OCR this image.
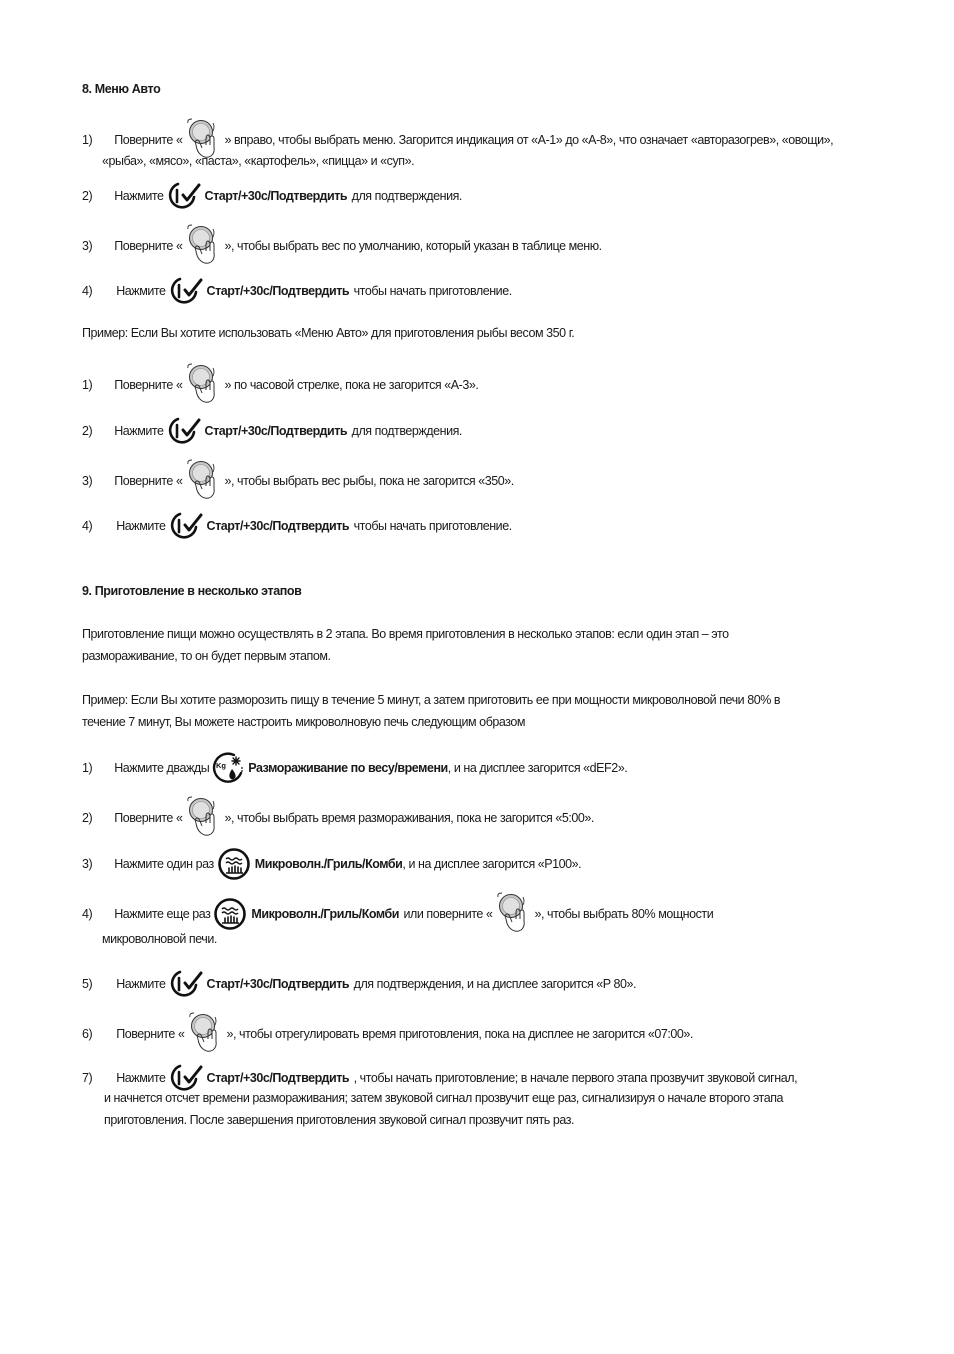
8. Меню Авто
1) Поверните «	» вправо, чтобы выбрать меню. Загорится индикация от «А-1» до «А-8», что означает «авторазогрев», «овощи»,
«рыба», «мясо», «паста», «картофель», «пицца» и «суп».
2) Нажмите	Старт/+30с/Подтвердить
для подтверждения.
3) Поверните «	», чтобы выбрать вес по умолчанию, который указан в таблице меню.
4) Нажмите	Старт/+30с/Подтвердить
чтобы начать приготовление.
Пример: Если Вы хотите использовать «Меню Авто» для приготовления рыбы весом 350 г.
1) Поверните «	» по часовой стрелке, пока не загорится «А-3».
2) Нажмите	Старт/+30с/Подтвердить
для подтверждения.
3) Поверните «	», чтобы выбрать вес рыбы, пока не загорится «350».
4) Нажмите	Старт/+30с/Подтвердить
чтобы начать приготовление.
9. Приготовление в несколько этапов
Приготовление пищи можно осуществлять в 2 этапа. Во время приготовления в несколько этапов: если один этап – это
размораживание, то он будет первым этапом.
Пример: Если Вы хотите разморозить пищу в течение 5 минут, а затем приготовить ее при мощности микроволновой печи 80% в
течение 7 минут, Вы можете настроить микроволновую печь следующим образом
1) Нажмите дважды	Размораживание по весу/времени , и на дисплее загорится «dEF2».
2) Поверните «	», чтобы выбрать время размораживания, пока не загорится «5:00».
3) Нажмите один раз	Микроволн./Гриль/Комби , и на дисплее загорится «P100».
4) Нажмите еще раз	Микроволн./Гриль/Комби
или поверните «	», чтобы выбрать 80% мощности
микроволновой печи.
5) Нажмите	Старт/+30с/Подтвердить
для подтверждения, и на дисплее загорится «P 80».
6) Поверните «	», чтобы отрегулировать время приготовления, пока на дисплее не загорится «07:00».
7) Нажмите	Старт/+30с/Подтвердить
, чтобы начать приготовление; в начале первого этапа прозвучит звуковой сигнал,
и начнется отсчет времени размораживания; затем звуковой сигнал прозвучит еще раз, сигнализируя о начале второго этапа
приготовления. После завершения приготовления звуковой сигнал прозвучит пять раз.
